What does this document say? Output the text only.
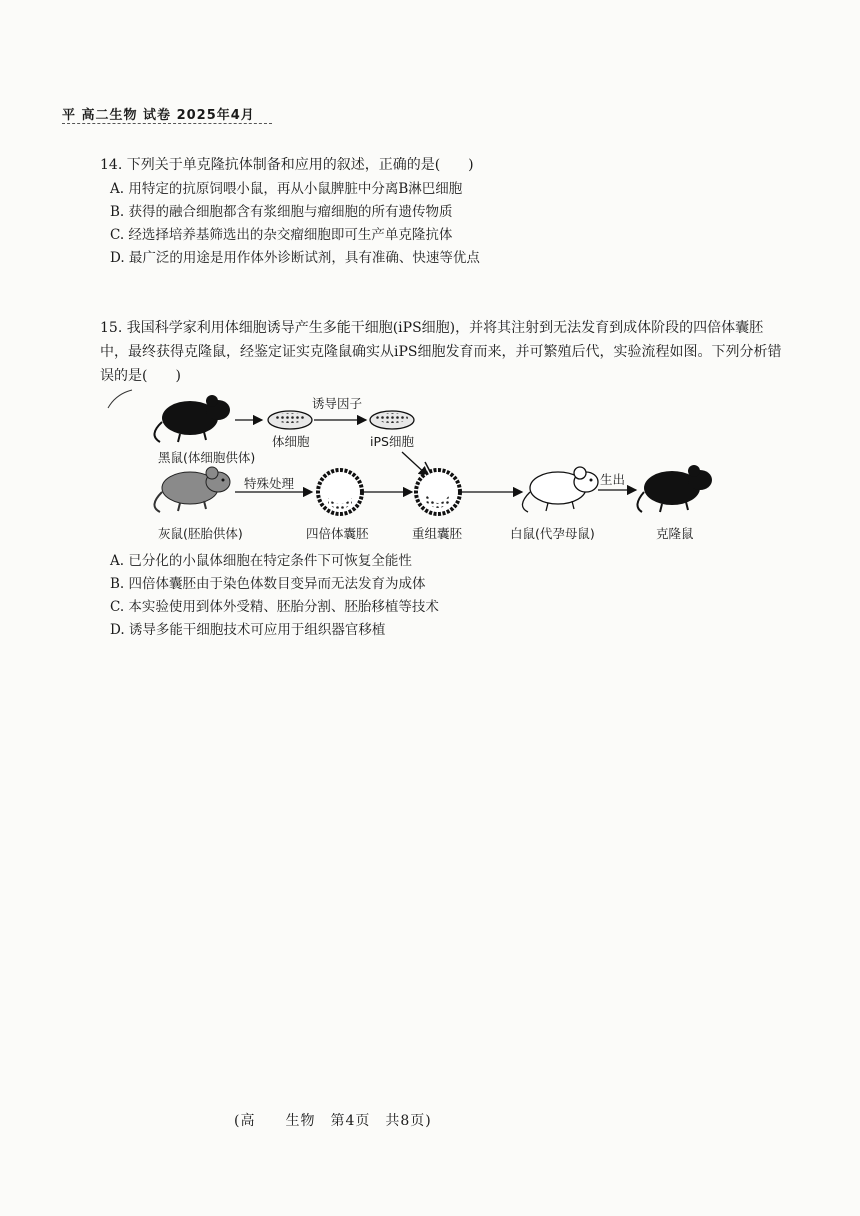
平 高二生物 试卷 2025年4月
14. 下列关于单克隆抗体制备和应用的叙述，正确的是(　　)
A. 用特定的抗原饲喂小鼠，再从小鼠脾脏中分离B淋巴细胞
B. 获得的融合细胞都含有浆细胞与瘤细胞的所有遗传物质
C. 经选择培养基筛选出的杂交瘤细胞即可生产单克隆抗体
D. 最广泛的用途是用作体外诊断试剂，具有准确、快速等优点
15. 我国科学家利用体细胞诱导产生多能干细胞(iPS细胞)，并将其注射到无法发育到成体阶段的四倍体囊胚中，最终获得克隆鼠，经鉴定证实克隆鼠确实从iPS细胞发育而来，并可繁殖后代，实验流程如图。下列分析错误的是(　　)
黑鼠(体细胞供体)
体细胞
诱导因子
iPS细胞
特殊处理
灰鼠(胚胎供体)	四倍体囊胚	重组囊胚
生出
白鼠(代孕母鼠)	克隆鼠
A. 已分化的小鼠体细胞在特定条件下可恢复全能性
B. 四倍体囊胚由于染色体数目变异而无法发育为成体
C. 本实验使用到体外受精、胚胎分割、胚胎移植等技术
D. 诱导多能干细胞技术可应用于组织器官移植
(高　　生物　第4页　共8页)
